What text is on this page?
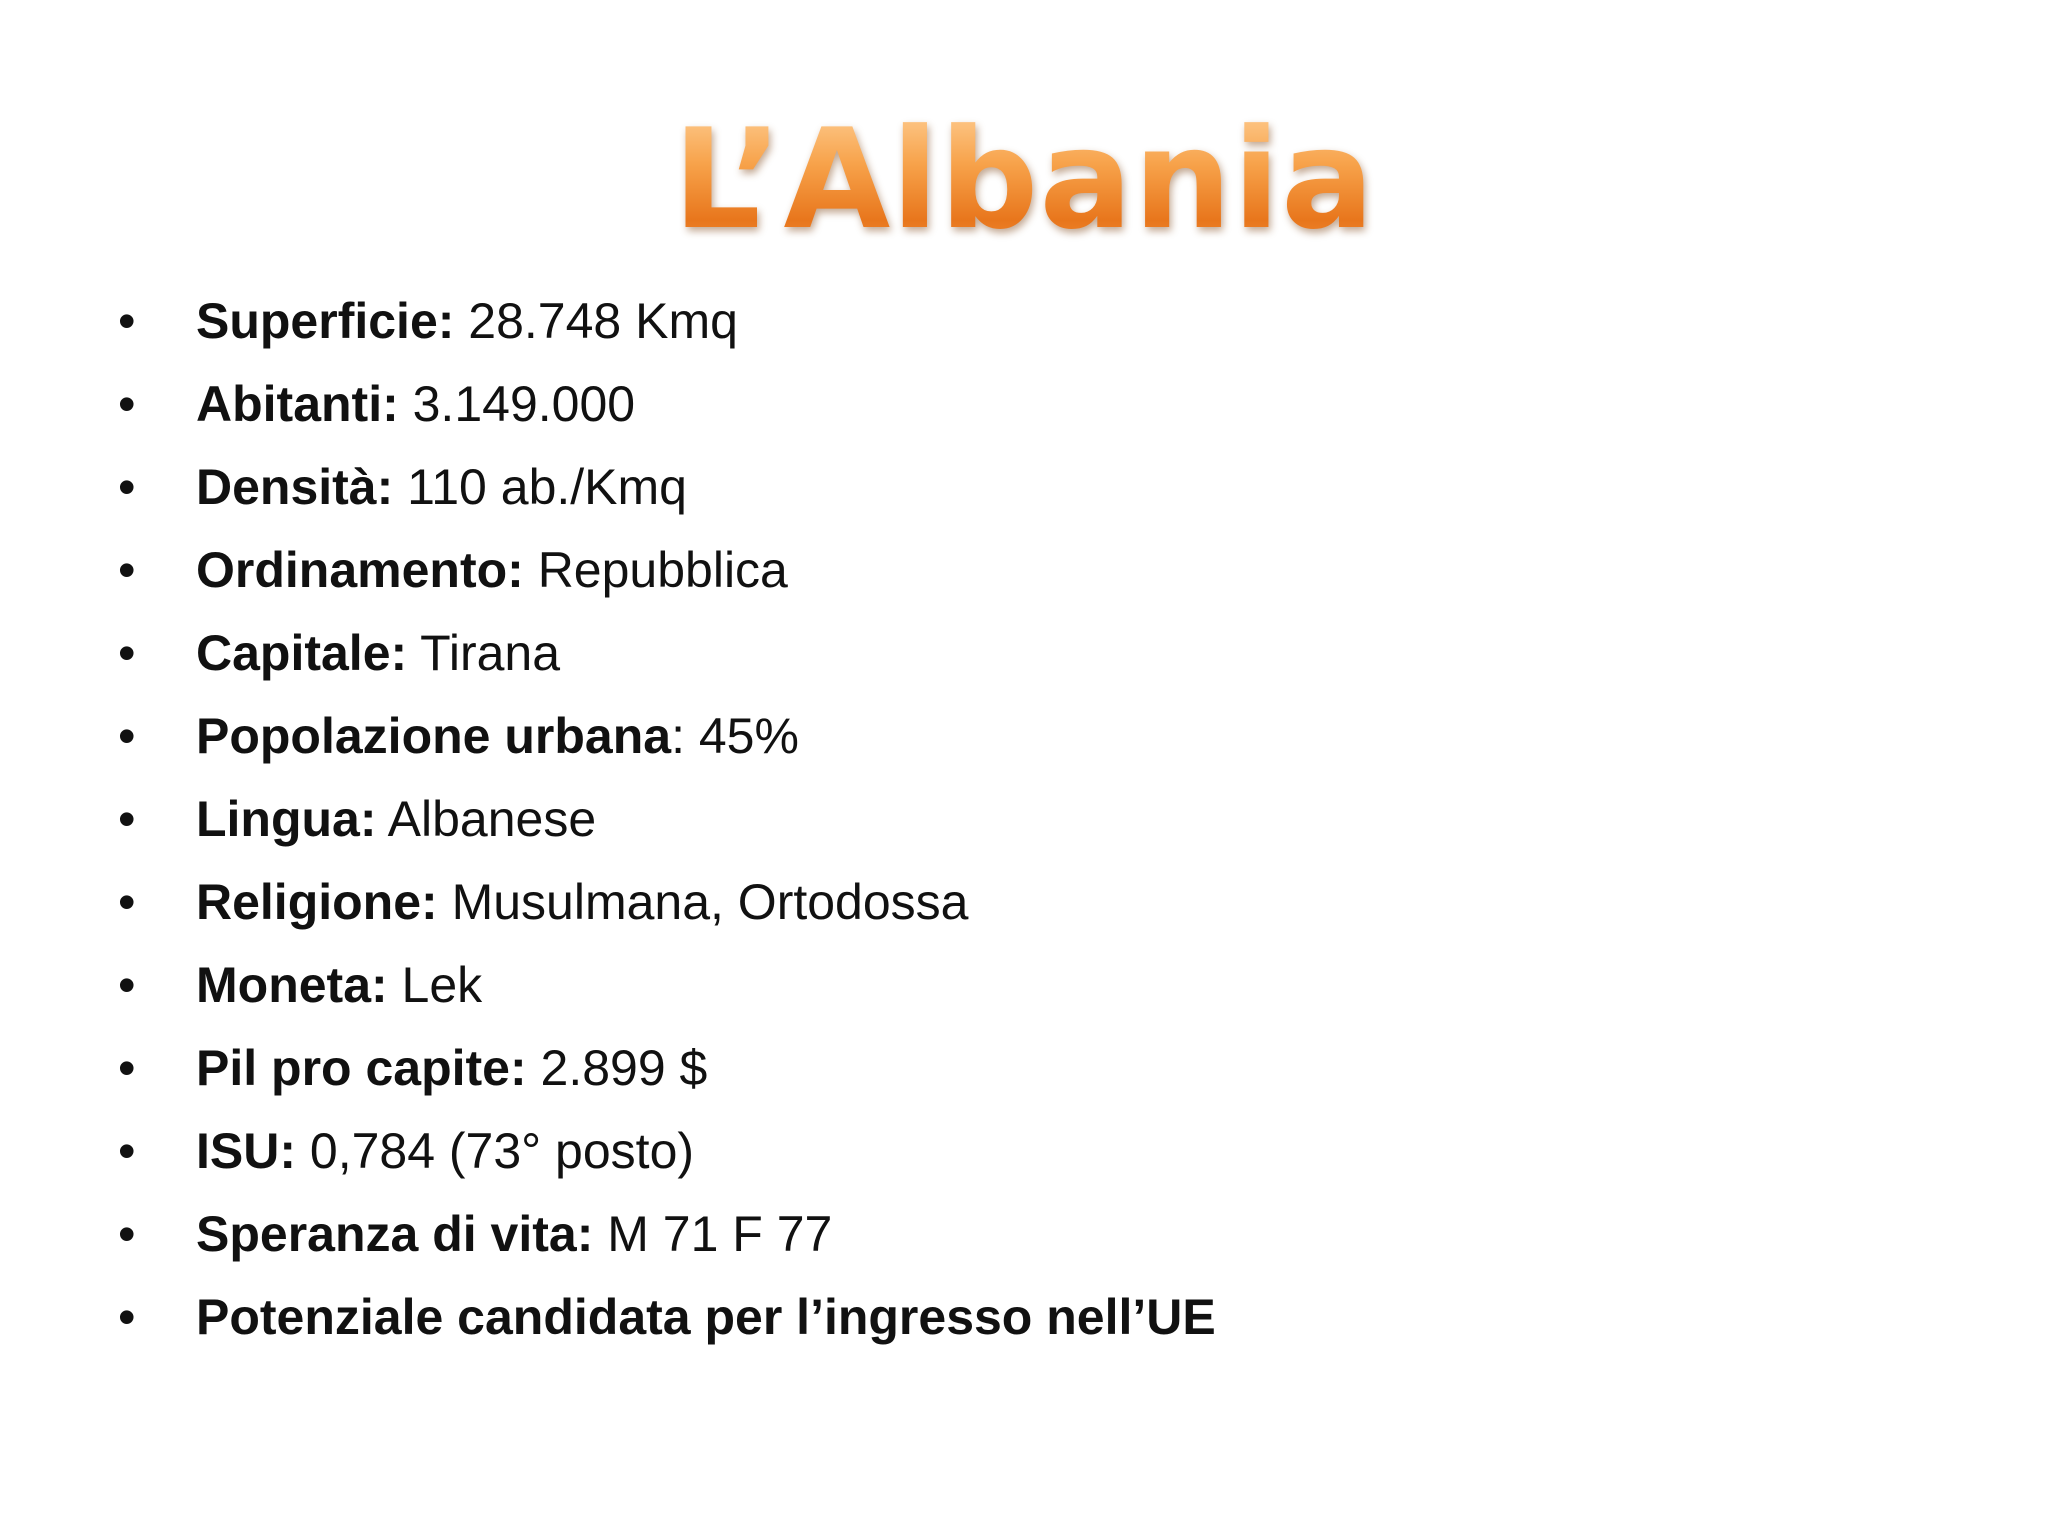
L’Albania
• Superficie: 28.748 Kmq
• Abitanti: 3.149.000
• Densità: 110 ab./Kmq
• Ordinamento: Repubblica
• Capitale: Tirana
• Popolazione urbana: 45%
• Lingua: Albanese
• Religione: Musulmana, Ortodossa
• Moneta: Lek
• Pil pro capite: 2.899 $
• ISU: 0,784 (73° posto)
• Speranza di vita: M 71 F 77
• Potenziale candidata per l’ingresso nell’UE
